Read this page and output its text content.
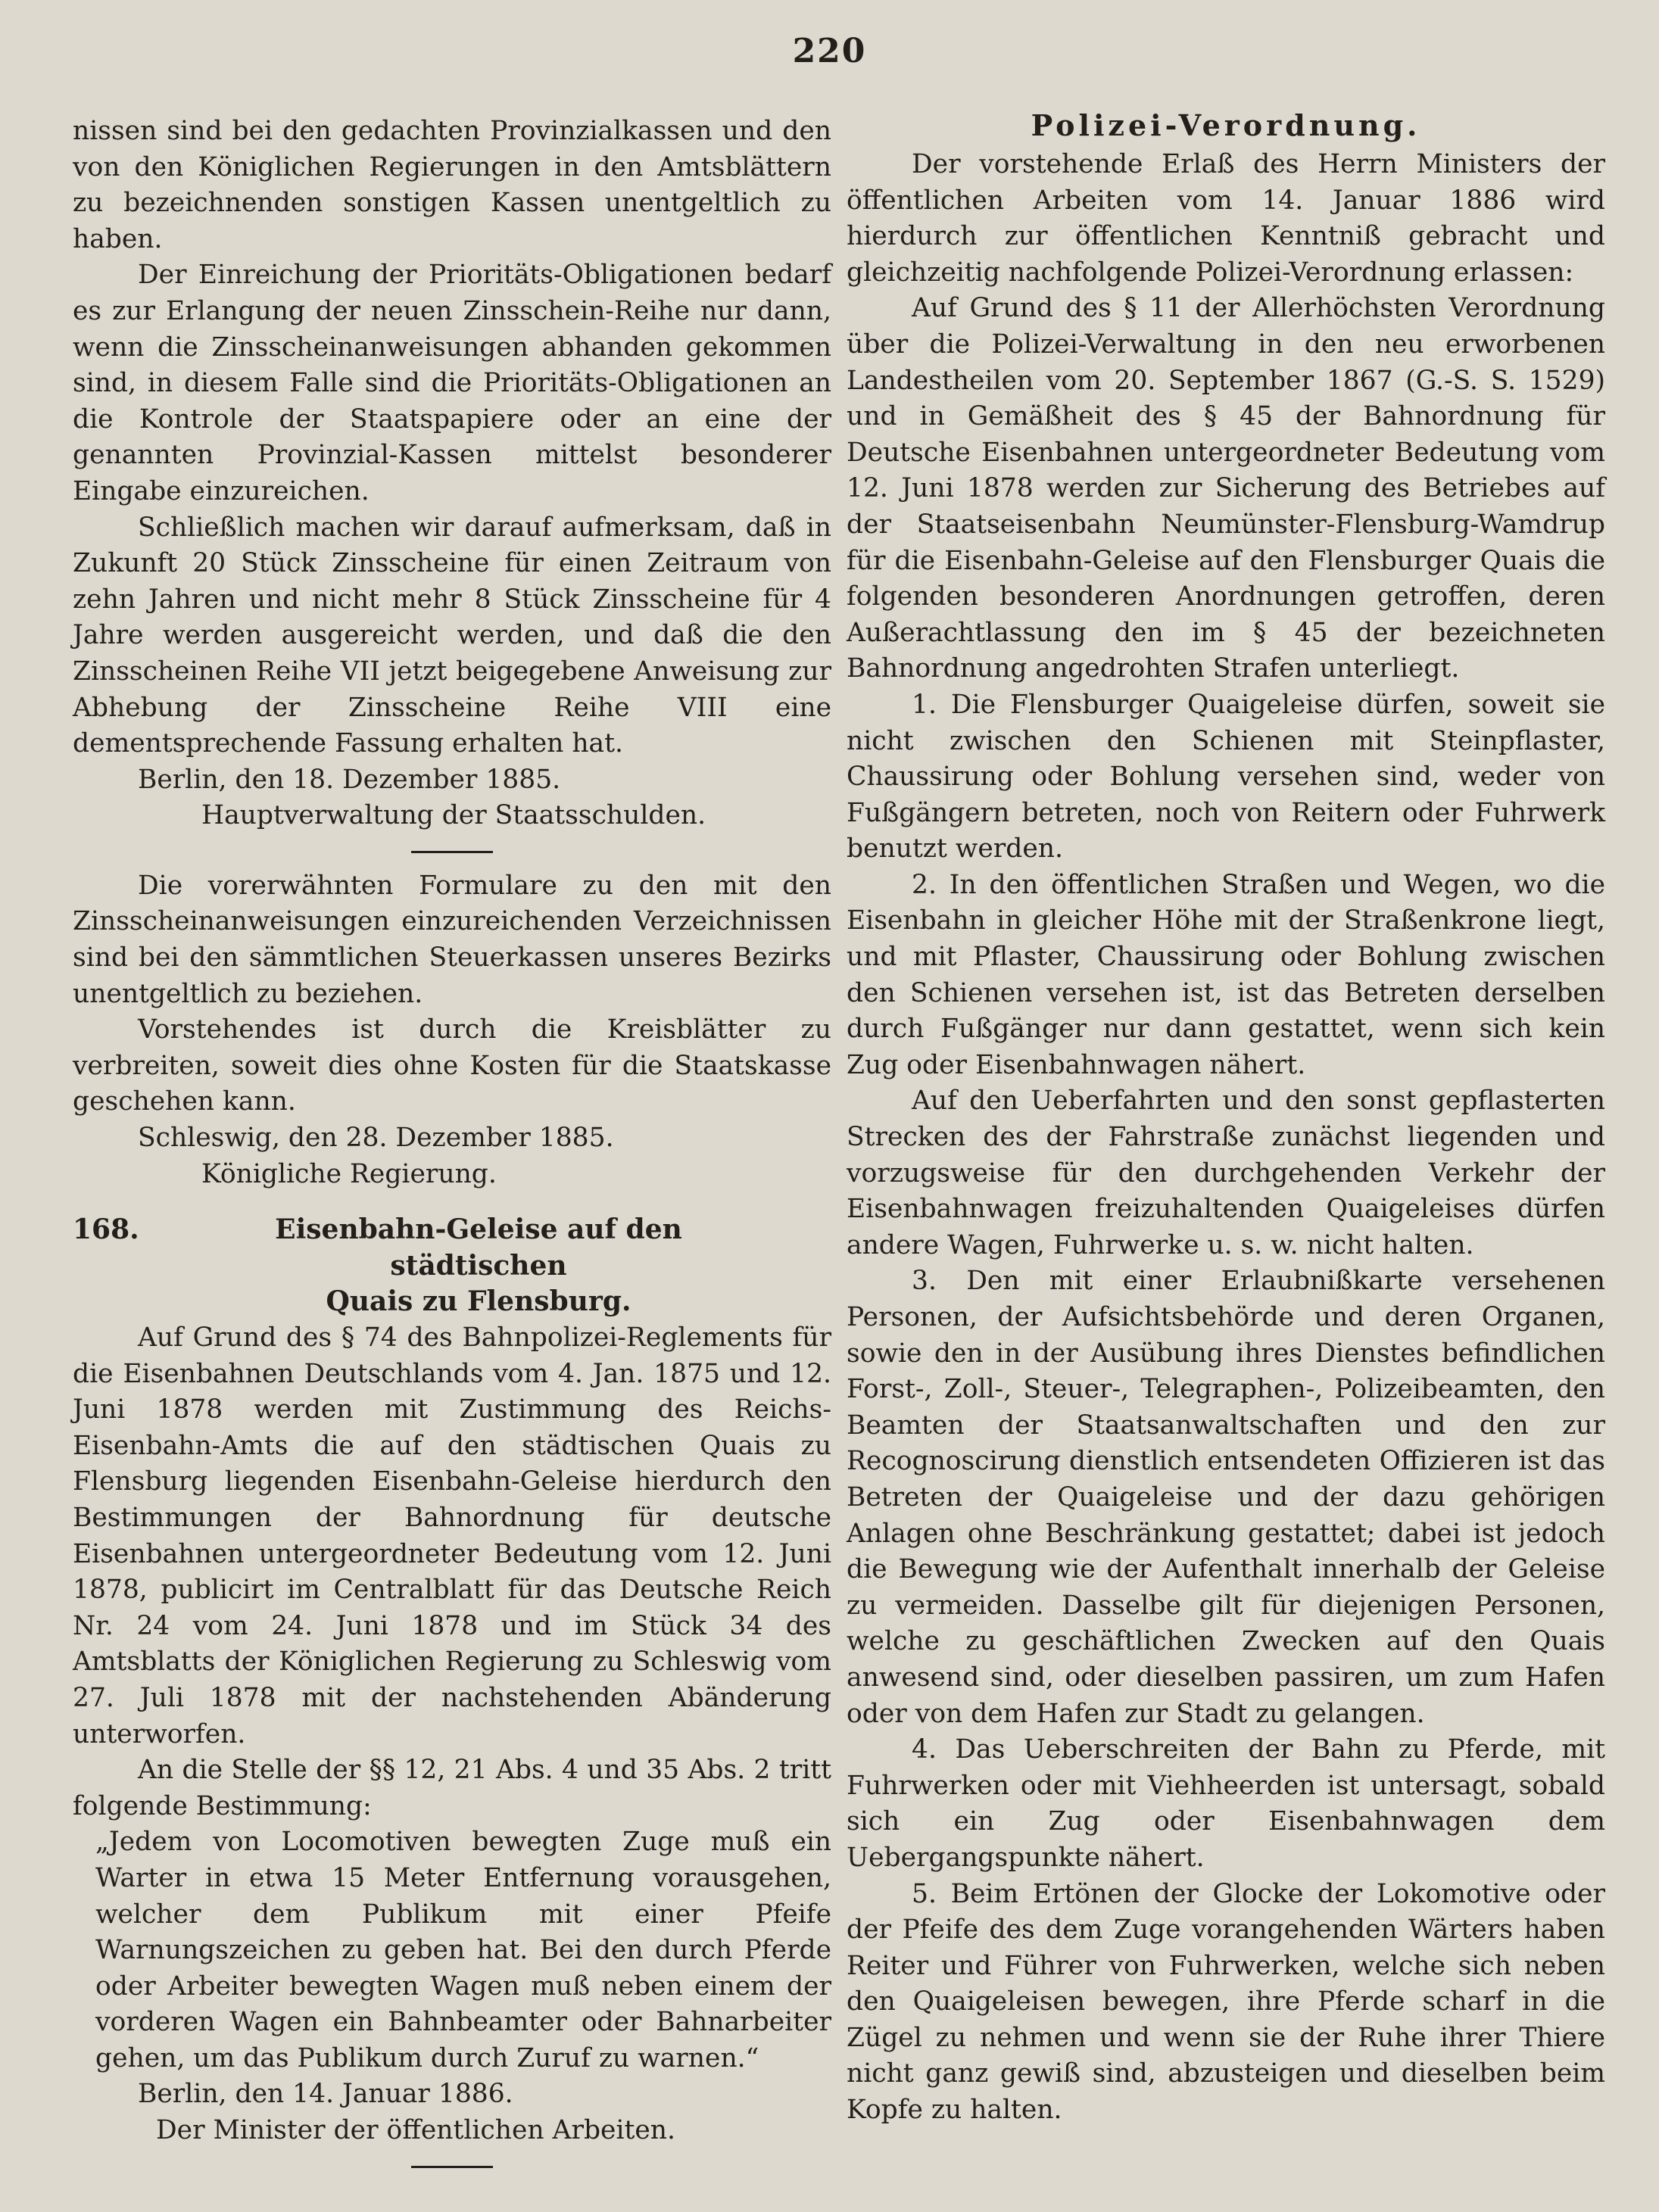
220

nissen sind bei den gedachten Provinzialkassen und den von den Königlichen Regierungen in den Amtsblättern zu bezeichnenden sonstigen Kassen unentgeltlich zu haben.

Der Einreichung der Prioritäts-Obligationen bedarf es zur Erlangung der neuen Zinsschein-Reihe nur dann, wenn die Zinsscheinanweisungen abhanden gekommen sind, in diesem Falle sind die Prioritäts-Obligationen an die Kontrole der Staatspapiere oder an eine der genannten Provinzial-Kassen mittelst besonderer Eingabe einzureichen.

Schließlich machen wir darauf aufmerksam, daß in Zukunft 20 Stück Zinsscheine für einen Zeitraum von zehn Jahren und nicht mehr 8 Stück Zinsscheine für 4 Jahre werden ausgereicht werden, und daß die den Zinsscheinen Reihe VII jetzt beigegebene Anweisung zur Abhebung der Zinsscheine Reihe VIII eine dementsprechende Fassung erhalten hat.

Berlin, den 18. Dezember 1885.

Hauptverwaltung der Staatsschulden.

Die vorerwähnten Formulare zu den mit den Zinsscheinanweisungen einzureichenden Verzeichnissen sind bei den sämmtlichen Steuerkassen unseres Bezirks unentgeltlich zu beziehen.

Vorstehendes ist durch die Kreisblätter zu verbreiten, soweit dies ohne Kosten für die Staatskasse geschehen kann.

Schleswig, den 28. Dezember 1885.

Königliche Regierung.

168.	Eisenbahn-Geleise auf den städtischen
Quais zu Flensburg.

Auf Grund des § 74 des Bahnpolizei-Reglements für die Eisenbahnen Deutschlands vom 4. Jan. 1875 und 12. Juni 1878 werden mit Zustimmung des Reichs-Eisenbahn-Amts die auf den städtischen Quais zu Flensburg liegenden Eisenbahn-Geleise hierdurch den Bestimmungen der Bahnordnung für deutsche Eisenbahnen untergeordneter Bedeutung vom 12. Juni 1878, publicirt im Centralblatt für das Deutsche Reich Nr. 24 vom 24. Juni 1878 und im Stück 34 des Amtsblatts der Königlichen Regierung zu Schleswig vom 27. Juli 1878 mit der nachstehenden Abänderung unterworfen.

An die Stelle der §§ 12, 21 Abs. 4 und 35 Abs. 2 tritt folgende Bestimmung:

„Jedem von Locomotiven bewegten Zuge muß ein Warter in etwa 15 Meter Entfernung vorausgehen, welcher dem Publikum mit einer Pfeife Warnungszeichen zu geben hat. Bei den durch Pferde oder Arbeiter bewegten Wagen muß neben einem der vorderen Wagen ein Bahnbeamter oder Bahnarbeiter gehen, um das Publikum durch Zuruf zu warnen.“

Berlin, den 14. Januar 1886.

Der Minister der öffentlichen Arbeiten.

Polizei-Verordnung.

Der vorstehende Erlaß des Herrn Ministers der öffentlichen Arbeiten vom 14. Januar 1886 wird hierdurch zur öffentlichen Kenntniß gebracht und gleichzeitig nachfolgende Polizei-Verordnung erlassen:

Auf Grund des § 11 der Allerhöchsten Verordnung über die Polizei-Verwaltung in den neu erworbenen Landestheilen vom 20. September 1867 (G.-S. S. 1529) und in Gemäßheit des § 45 der Bahnordnung für Deutsche Eisenbahnen untergeordneter Bedeutung vom 12. Juni 1878 werden zur Sicherung des Betriebes auf der Staatseisenbahn Neumünster-Flensburg-Wamdrup für die Eisenbahn-Geleise auf den Flensburger Quais die folgenden besonderen Anordnungen getroffen, deren Außerachtlassung den im § 45 der bezeichneten Bahnordnung angedrohten Strafen unterliegt.

1. Die Flensburger Quaigeleise dürfen, soweit sie nicht zwischen den Schienen mit Steinpflaster, Chaussirung oder Bohlung versehen sind, weder von Fußgängern betreten, noch von Reitern oder Fuhrwerk benutzt werden.

2. In den öffentlichen Straßen und Wegen, wo die Eisenbahn in gleicher Höhe mit der Straßenkrone liegt, und mit Pflaster, Chaussirung oder Bohlung zwischen den Schienen versehen ist, ist das Betreten derselben durch Fußgänger nur dann gestattet, wenn sich kein Zug oder Eisenbahnwagen nähert.

Auf den Ueberfahrten und den sonst gepflasterten Strecken des der Fahrstraße zunächst liegenden und vorzugsweise für den durchgehenden Verkehr der Eisenbahnwagen freizuhaltenden Quaigeleises dürfen andere Wagen, Fuhrwerke u. s. w. nicht halten.

3. Den mit einer Erlaubnißkarte versehenen Personen, der Aufsichtsbehörde und deren Organen, sowie den in der Ausübung ihres Dienstes befindlichen Forst-, Zoll-, Steuer-, Telegraphen-, Polizeibeamten, den Beamten der Staatsanwaltschaften und den zur Recognoscirung dienstlich entsendeten Offizieren ist das Betreten der Quaigeleise und der dazu gehörigen Anlagen ohne Beschränkung gestattet; dabei ist jedoch die Bewegung wie der Aufenthalt innerhalb der Geleise zu vermeiden. Dasselbe gilt für diejenigen Personen, welche zu geschäftlichen Zwecken auf den Quais anwesend sind, oder dieselben passiren, um zum Hafen oder von dem Hafen zur Stadt zu gelangen.

4. Das Ueberschreiten der Bahn zu Pferde, mit Fuhrwerken oder mit Viehheerden ist untersagt, sobald sich ein Zug oder Eisenbahnwagen dem Uebergangspunkte nähert.

5. Beim Ertönen der Glocke der Lokomotive oder der Pfeife des dem Zuge vorangehenden Wärters haben Reiter und Führer von Fuhrwerken, welche sich neben den Quaigeleisen bewegen, ihre Pferde scharf in die Zügel zu nehmen und wenn sie der Ruhe ihrer Thiere nicht ganz gewiß sind, abzusteigen und dieselben beim Kopfe zu halten.
